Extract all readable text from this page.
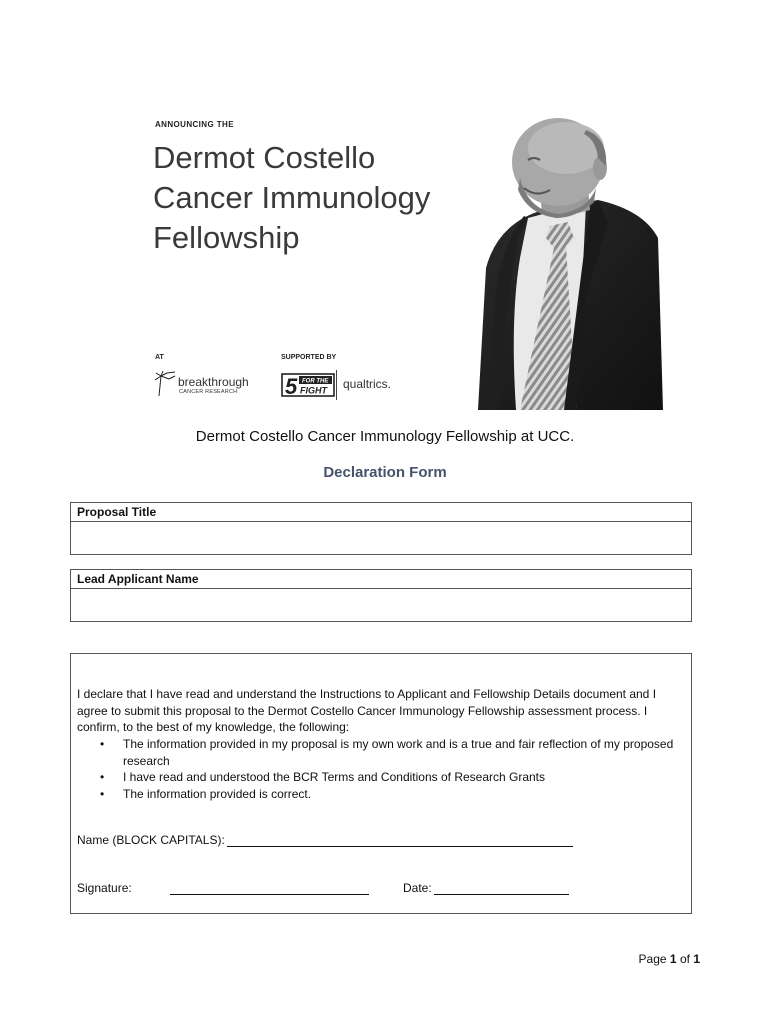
ANNOUNCING THE
Dermot Costello
Cancer Immunology
Fellowship
AT	SUPPORTED BY
breakthrough
CANCER RESEARCH 5 FOR THE
FIGHT qualtrics.
Dermot Costello Cancer Immunology Fellowship at UCC.
Declaration Form
Proposal Title
Lead Applicant Name
I declare that I have read and understand the Instructions to Applicant and Fellowship Details document and I agree to submit this proposal to the Dermot Costello Cancer Immunology Fellowship assessment process. I confirm, to the best of my knowledge, the following:
• The information provided in my proposal is my own work and is a true and fair reflection of my proposed research
• I have read and understood the BCR Terms and Conditions of Research Grants
• The information provided is correct.
Name (BLOCK CAPITALS):
Signature:	Date:
Page 1 of 1
